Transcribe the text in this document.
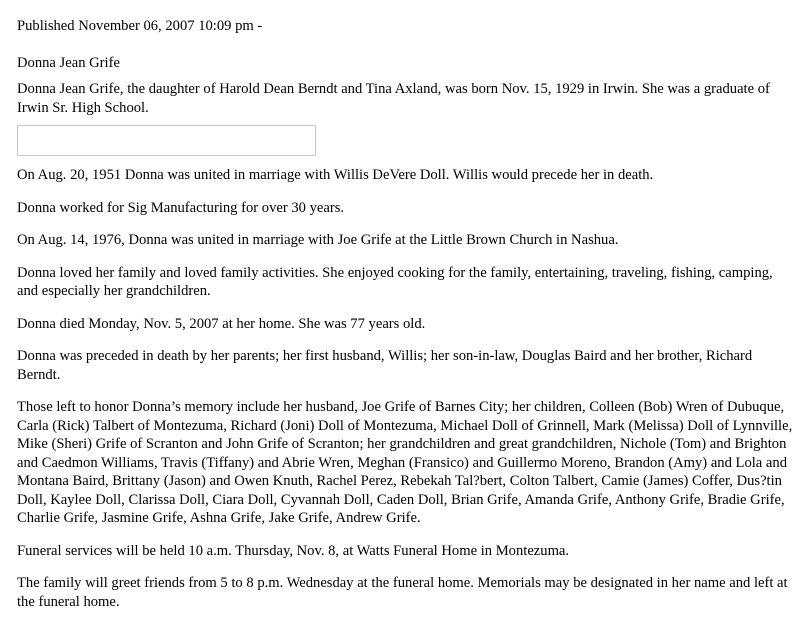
Published November 06, 2007 10:09 pm -

Donna Jean Grife

Donna Jean Grife, the daughter of Harold Dean Berndt and Tina Axland, was born Nov. 15, 1929 in Irwin. She was a graduate of Irwin Sr. High School.

On Aug. 20, 1951 Donna was united in marriage with Willis DeVere Doll. Willis would precede her in death.

Donna worked for Sig Manufacturing for over 30 years.

On Aug. 14, 1976, Donna was united in marriage with Joe Grife at the Little Brown Church in Nashua.

Donna loved her family and loved family activities. She enjoyed cooking for the family, entertaining, traveling, fishing, camping, and especially her grandchildren.

Donna died Monday, Nov. 5, 2007 at her home. She was 77 years old.

Donna was preceded in death by her parents; her first husband, Willis; her son-in-law, Douglas Baird and her brother, Richard Berndt.

Those left to honor Donna’s memory include her husband, Joe Grife of Barnes City; her children, Colleen (Bob) Wren of Dubuque, Carla (Rick) Talbert of Montezuma, Richard (Joni) Doll of Montezuma, Michael Doll of Grinnell, Mark (Melissa) Doll of Lynnville, Mike (Sheri) Grife of Scranton and John Grife of Scranton; her grandchildren and great grandchildren, Nichole (Tom) and Brighton and Caedmon Williams, Travis (Tiffany) and Abrie Wren, Meghan (Fransico) and Guillermo Moreno, Brandon (Amy) and Lola and Montana Baird, Brittany (Jason) and Owen Knuth, Rachel Perez, Rebekah Tal?bert, Colton Talbert, Camie (James) Coffer, Dus?tin Doll, Kaylee Doll, Clarissa Doll, Ciara Doll, Cyvannah Doll, Caden Doll, Brian Grife, Amanda Grife, Anthony Grife, Bradie Grife, Charlie Grife, Jasmine Grife, Ashna Grife, Jake Grife, Andrew Grife.

Funeral services will be held 10 a.m. Thursday, Nov. 8, at Watts Funeral Home in Montezuma.

The family will greet friends from 5 to 8 p.m. Wednesday at the funeral home. Memorials may be designated in her name and left at the funeral home.
